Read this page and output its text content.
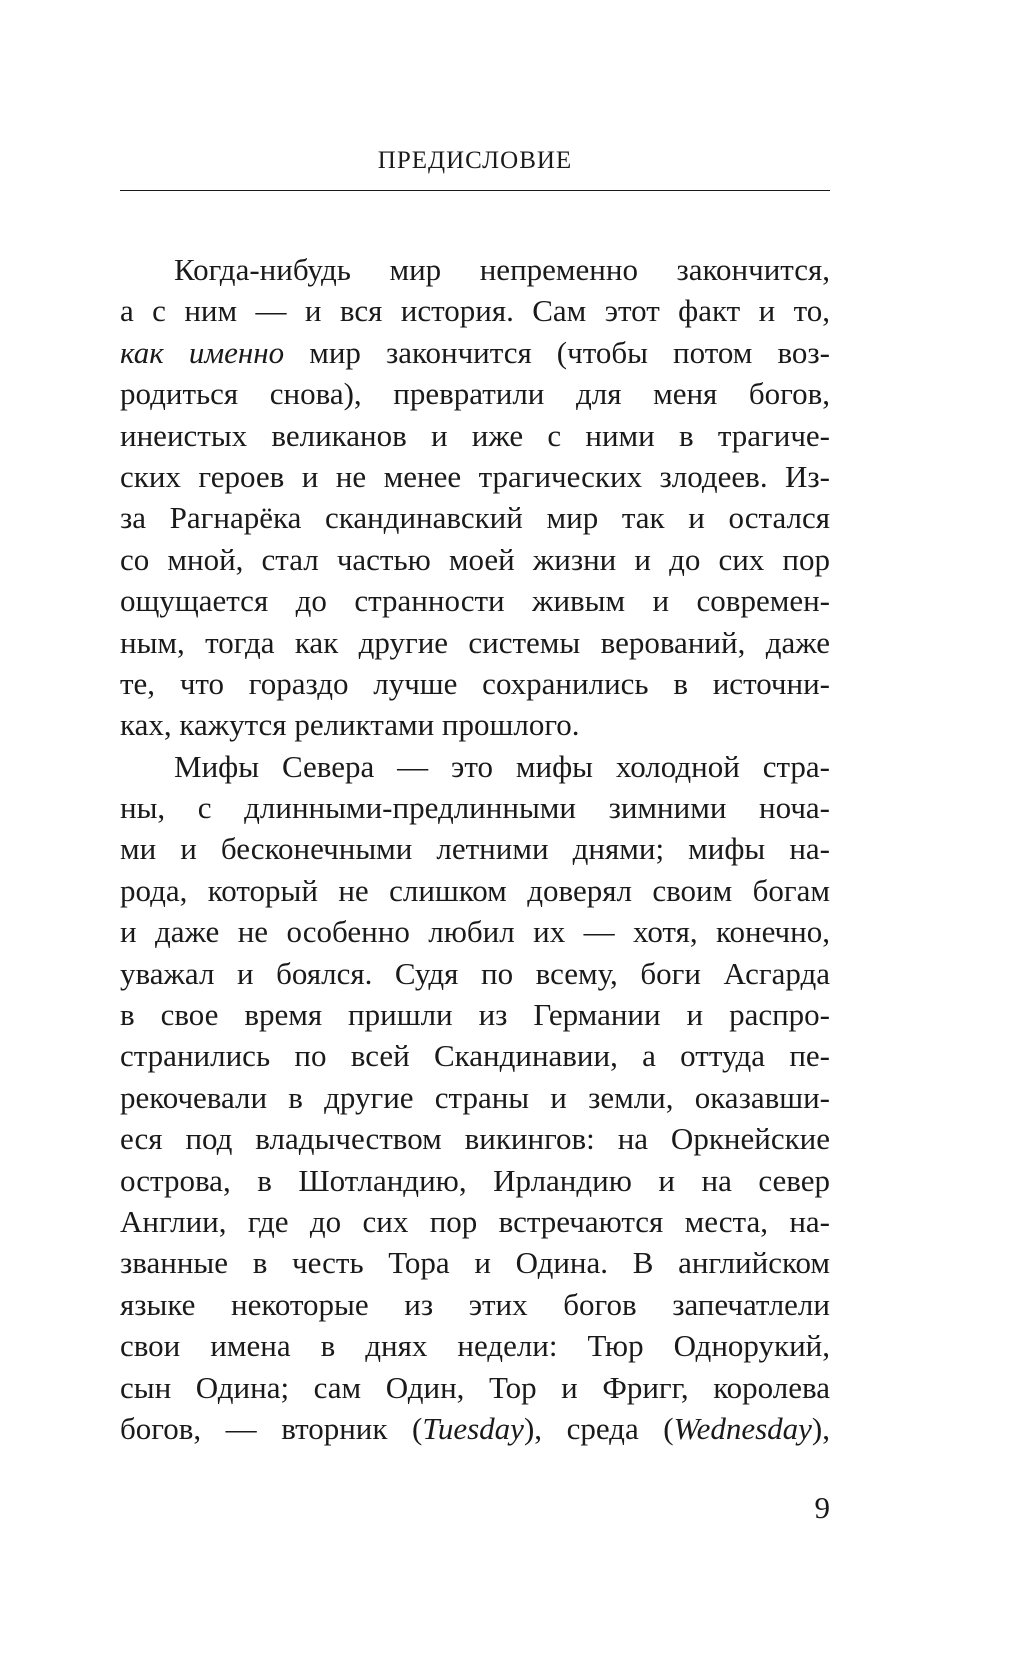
ПРЕДИСЛОВИЕ
Когда-нибудь мир непременно закончится,
а с ним — и вся история. Сам этот факт и то,
как именно мир закончится (чтобы потом воз-
родиться снова), превратили для меня богов,
инеистых великанов и иже с ними в трагиче-
ских героев и не менее трагических злодеев. Из-
за Рагнарёка скандинавский мир так и остался
со мной, стал частью моей жизни и до сих пор
ощущается до странности живым и современ-
ным, тогда как другие системы верований, даже
те, что гораздо лучше сохранились в источни-
ках, кажутся реликтами прошлого.
Мифы Севера — это мифы холодной стра-
ны, с длинными-предлинными зимними ноча-
ми и бесконечными летними днями; мифы на-
рода, который не слишком доверял своим богам
и даже не особенно любил их — хотя, конечно,
уважал и боялся. Судя по всему, боги Асгарда
в свое время пришли из Германии и распро-
странились по всей Скандинавии, а оттуда пе-
рекочевали в другие страны и земли, оказавши-
еся под владычеством викингов: на Оркнейские
острова, в Шотландию, Ирландию и на север
Англии, где до сих пор встречаются места, на-
званные в честь Тора и Одина. В английском
языке некоторые из этих богов запечатлели
свои имена в днях недели: Тюр Однорукий,
сын Одина; сам Один, Тор и Фригг, королева
богов, — вторник (Tuesday), среда (Wednesday),
9
